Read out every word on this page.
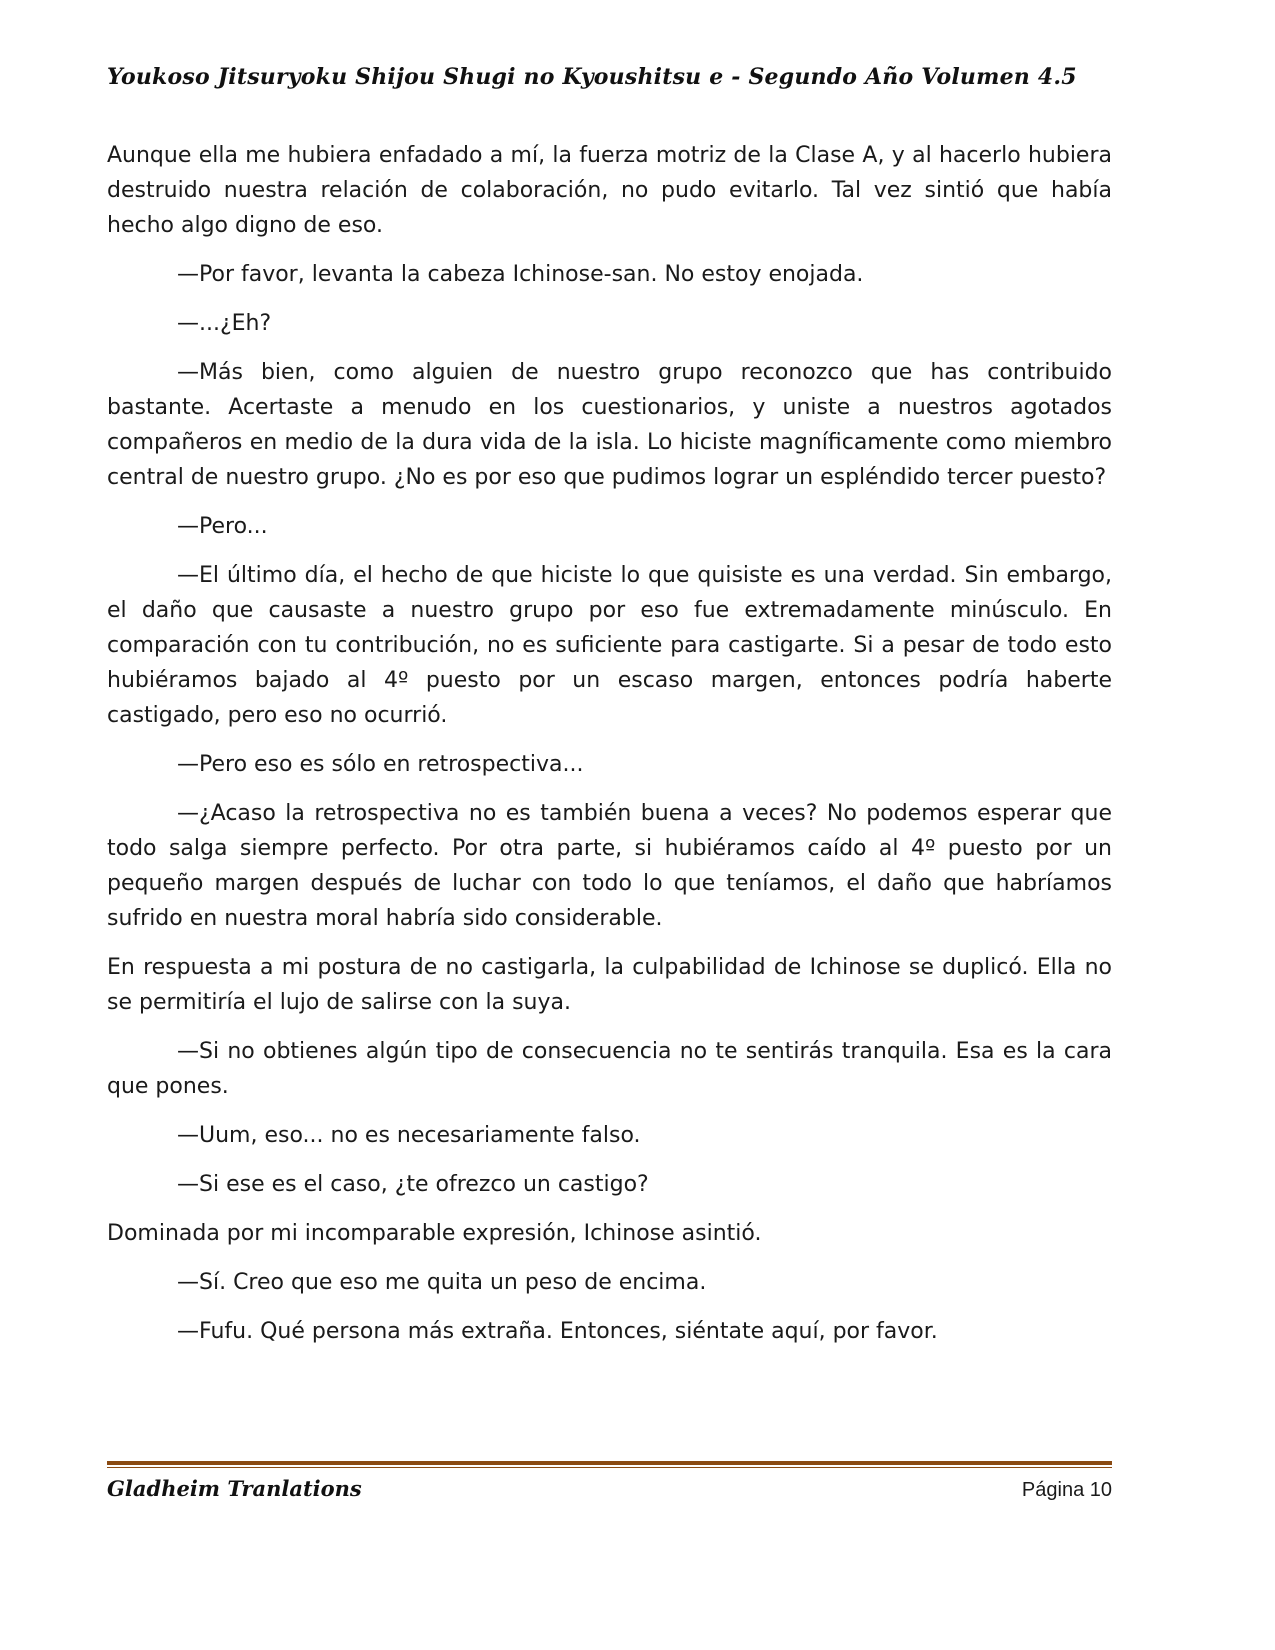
Youkoso Jitsuryoku Shijou Shugi no Kyoushitsu e - Segundo Año Volumen 4.5

Aunque ella me hubiera enfadado a mí, la fuerza motriz de la Clase A, y al hacerlo hubiera destruido nuestra relación de colaboración, no pudo evitarlo. Tal vez sintió que había hecho algo digno de eso.

—Por favor, levanta la cabeza Ichinose-san. No estoy enojada.

—...¿Eh?

—Más bien, como alguien de nuestro grupo reconozco que has contribuido bastante. Acertaste a menudo en los cuestionarios, y uniste a nuestros agotados compañeros en medio de la dura vida de la isla. Lo hiciste magníficamente como miembro central de nuestro grupo. ¿No es por eso que pudimos lograr un espléndido tercer puesto?

—Pero...

—El último día, el hecho de que hiciste lo que quisiste es una verdad. Sin embargo, el daño que causaste a nuestro grupo por eso fue extremadamente minúsculo. En comparación con tu contribución, no es suficiente para castigarte. Si a pesar de todo esto hubiéramos bajado al 4º puesto por un escaso margen, entonces podría haberte castigado, pero eso no ocurrió.

—Pero eso es sólo en retrospectiva...

—¿Acaso la retrospectiva no es también buena a veces? No podemos esperar que todo salga siempre perfecto. Por otra parte, si hubiéramos caído al 4º puesto por un pequeño margen después de luchar con todo lo que teníamos, el daño que habríamos sufrido en nuestra moral habría sido considerable.

En respuesta a mi postura de no castigarla, la culpabilidad de Ichinose se duplicó. Ella no se permitiría el lujo de salirse con la suya.

—Si no obtienes algún tipo de consecuencia no te sentirás tranquila. Esa es la cara que pones.

—Uum, eso... no es necesariamente falso.

—Si ese es el caso, ¿te ofrezco un castigo?

Dominada por mi incomparable expresión, Ichinose asintió.

—Sí. Creo que eso me quita un peso de encima.

—Fufu. Qué persona más extraña. Entonces, siéntate aquí, por favor.

Gladheim Tranlations	Página 10
